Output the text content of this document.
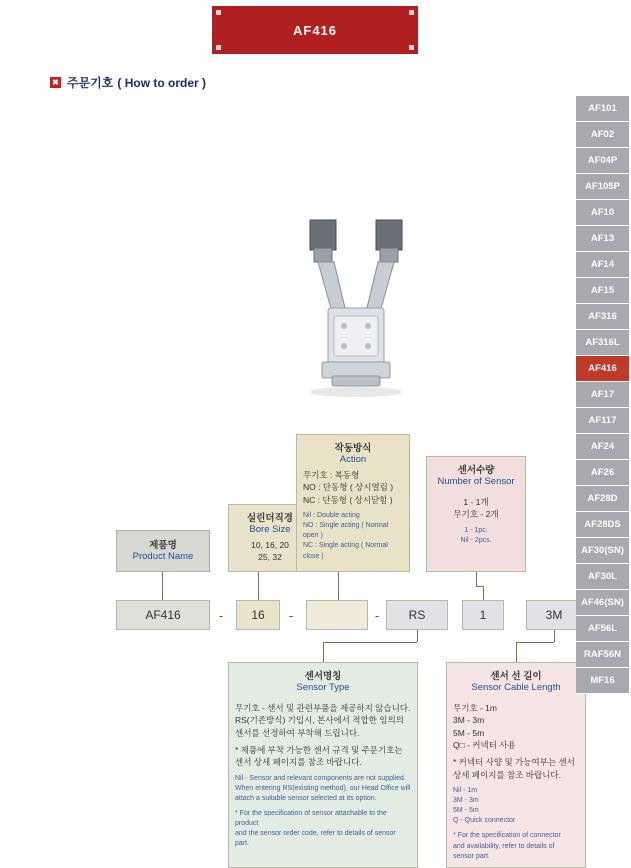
AF416
✖ 주문기호 ( How to order )
제품명
Product Name
실린더직경
Bore Size
10, 16, 20
25, 32
작동방식
Action
무기호 : 복동형
NO : 단동형 ( 상시열림 )
NC : 단동형 ( 상시닫힘 )
Nil : Double acting
NO : Single acting ( Normal open )
NC : Single acting ( Normal close )
센서수량
Number of Sensor
1 - 1개
무기호 - 2개
1 - 1pc.
Nil - 2pcs.
센서명칭
Sensor Type
무기호 - 센서 및 관련부품을 제공하지 않습니다.
RS(기존방식) 기입시, 본사에서 적합한 임의의
센서를 선정하여 부착해 드립니다.
* 제품에 부착 가능한 센서 규격 및 주문기호는
센서 상세 페이지를 참조 바랍니다.
Nil - Sensor and relevant components are not supplied.
When entering RS(existing method), our Head Office will
attach a suitable sensor selected at its option.
* For the specification of sensor attachable to the product
and the sensor order code, refer to details of sensor part.
센서 선 길이
Sensor Cable Length
무기호 - 1m
3M - 3m
5M - 5m
Q□ - 커넥터 사용
* 커넥터 사양 및 가능여부는 센서
상세 페이지를 참조 바랍니다.
Nil - 1m
3M - 3m
5M - 5m
Q - Quick connector
* For the specification of connector
and availability, refer to details of
sensor part.
AF416	-	16	-	-	RS	1	3M
AF101
AF02
AF04P
AF105P
AF10
AF13
AF14
AF15
AF316
AF316L
AF416
AF17
AF117
AF24
AF26
AF28D
AF28DS
AF30(SN)
AF30L
AF46(SN)
AF56L
RAF56N
MF16
